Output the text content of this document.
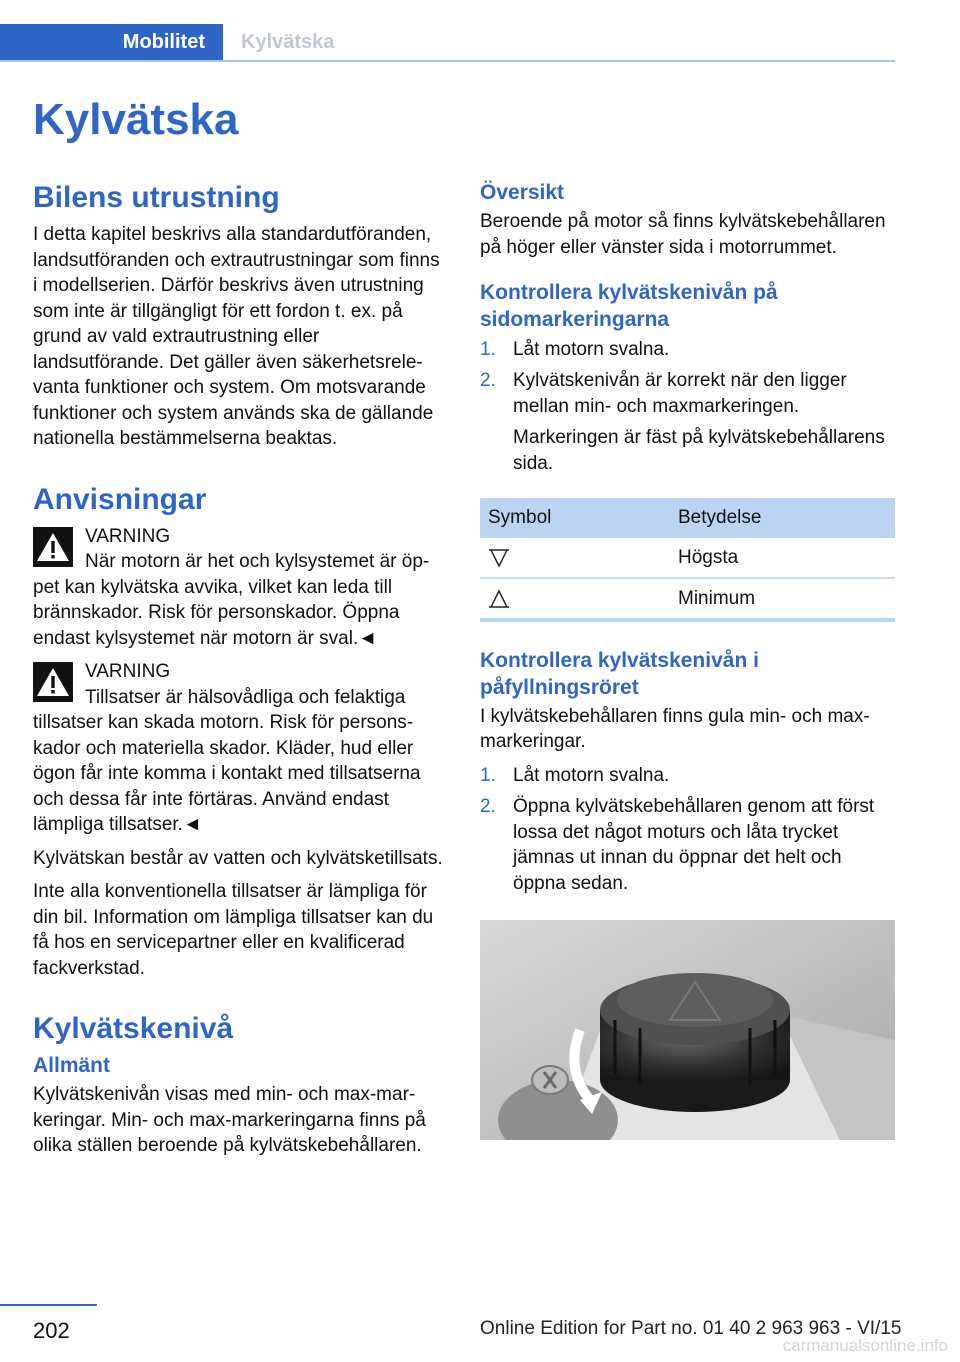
Mobilitet Kylvätska
Kylvätska
Bilens utrustning

I detta kapitel beskrivs alla standardutföranden, landsutföranden och extrautrustningar som finns i modellserien. Därför beskrivs även utrustning som inte är tillgängligt för ett fordon t. ex. på grund av vald extrautrustning eller landsutförande. Det gäller även säkerhetsrelevanta funktioner och system. Om motsvarande funktioner och system används ska de gällande nationella bestämmelserna beaktas.

Anvisningar
VARNING

När motorn är het och kylsystemet är öppet kan kylvätska avvika, vilket kan leda till brännskador. Risk för personskador. Öppna endast kylsystemet när motorn är sval.◄

VARNING

Tillsatser är hälsovådliga och felaktiga tillsatser kan skada motorn. Risk för personskador och materiella skador. Kläder, hud eller ögon får inte komma i kontakt med tillsatserna och dessa får inte förtäras. Använd endast lämpliga tillsatser.◄

Kylvätskan består av vatten och kylvätsketillsats.

Inte alla konventionella tillsatser är lämpliga för din bil. Information om lämpliga tillsatser kan du få hos en servicepartner eller en kvalificerad fackverkstad.

Kylvätskenivå
Allmänt

Kylvätskenivån visas med min- och max-markeringar. Min- och max-markeringarna finns på olika ställen beroende på kylvätskebehållaren.

Översikt

Beroende på motor så finns kylvätskebehållaren på höger eller vänster sida i motorrummet.

Kontrollera kylvätskenivån på sidomarkeringarna
1. Låt motorn svalna.
2. Kylvätskenivån är korrekt när den ligger mellan min- och maxmarkeringen.
Markeringen är fäst på kylvätskebehållarens sida.
Symbol	Betydelse
	Högsta
	Minimum
Kontrollera kylvätskenivån i påfyllningsröret

I kylvätskebehållaren finns gula min- och maxmarkeringar.

1. Låt motorn svalna.
2. Öppna kylvätskebehållaren genom att först lossa det något moturs och låta trycket jämnas ut innan du öppnar det helt och öppna sedan.
202	Online Edition for Part no. 01 40 2 963 963 - VI/15
carmanualsonline.info
